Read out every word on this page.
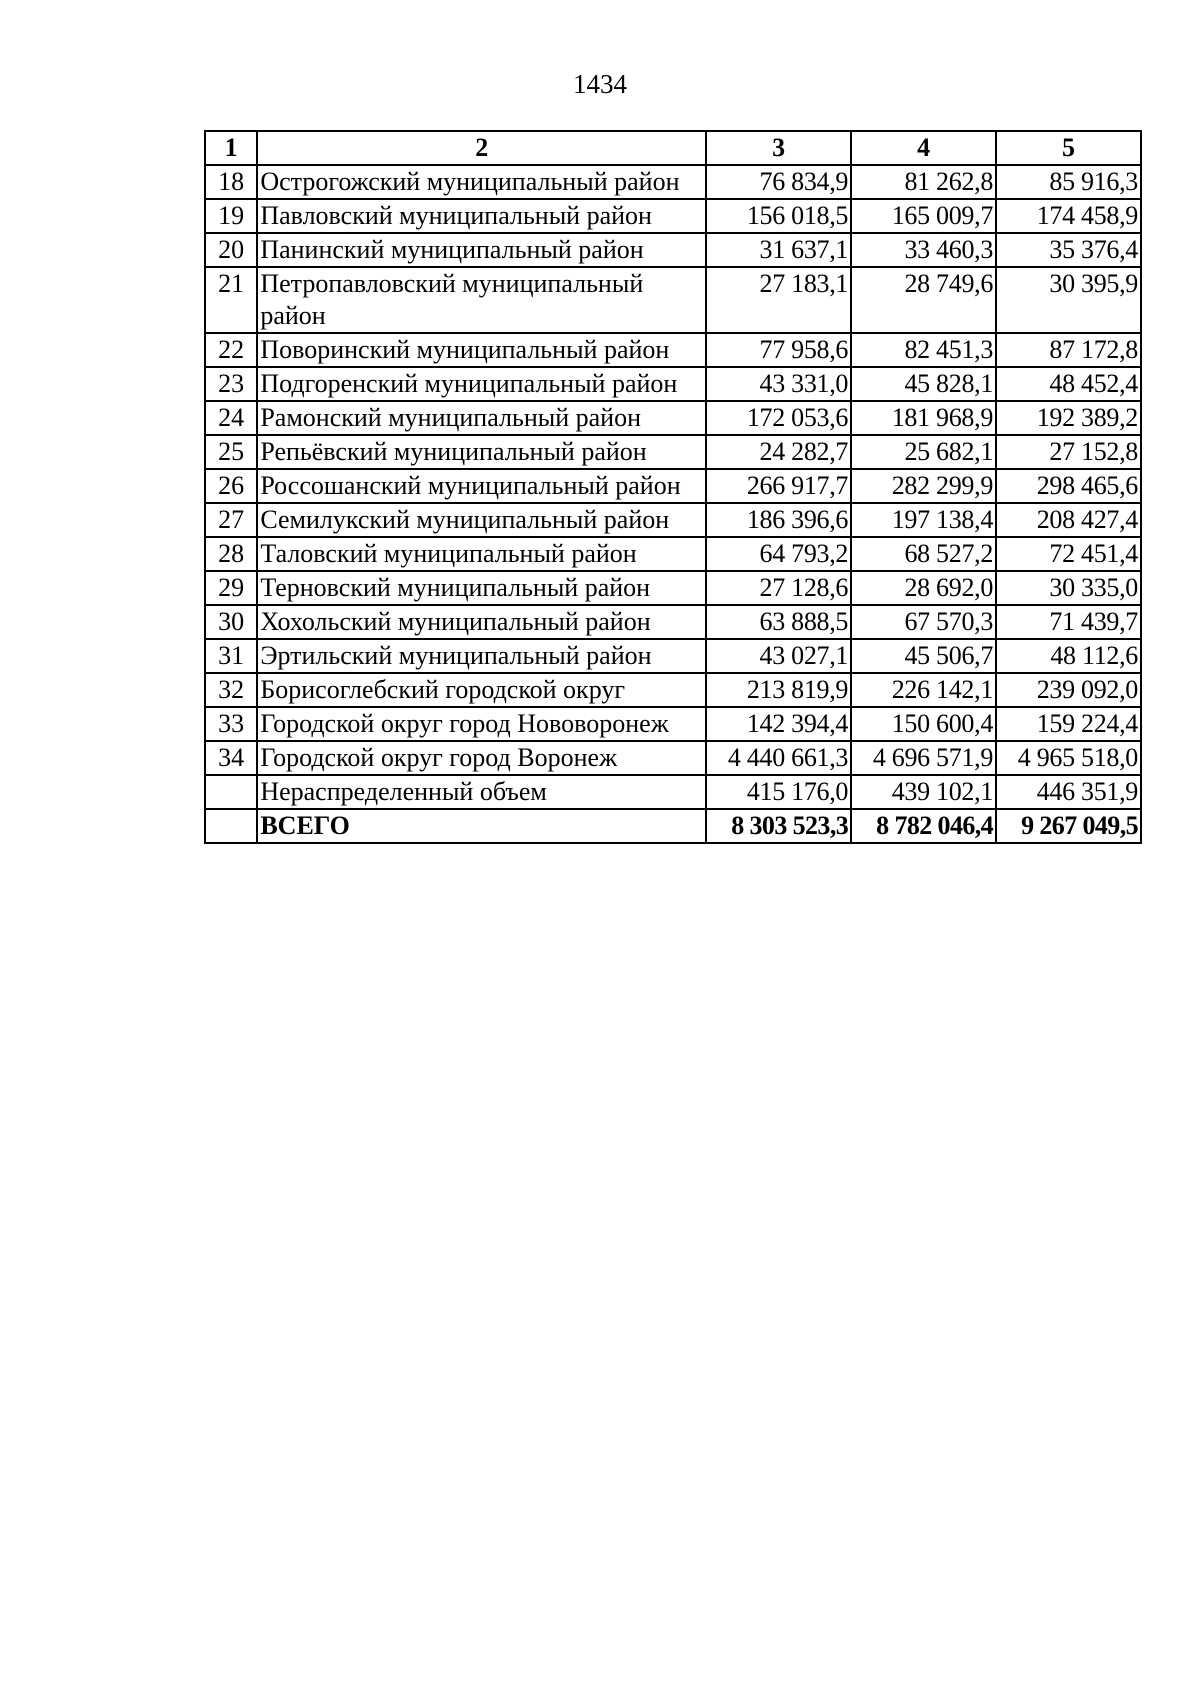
1434
1	2	3	4	5
18	Острогожский муниципальный район	76 834,9	81 262,8	85 916,3
19	Павловский муниципальный район	156 018,5	165 009,7	174 458,9
20	Панинский муниципальный район	31 637,1	33 460,3	35 376,4
21	Петропавловский муниципальный район	27 183,1	28 749,6	30 395,9
22	Поворинский муниципальный район	77 958,6	82 451,3	87 172,8
23	Подгоренский муниципальный район	43 331,0	45 828,1	48 452,4
24	Рамонский муниципальный район	172 053,6	181 968,9	192 389,2
25	Репьёвский муниципальный район	24 282,7	25 682,1	27 152,8
26	Россошанский муниципальный район	266 917,7	282 299,9	298 465,6
27	Семилукский муниципальный район	186 396,6	197 138,4	208 427,4
28	Таловский муниципальный район	64 793,2	68 527,2	72 451,4
29	Терновский муниципальный район	27 128,6	28 692,0	30 335,0
30	Хохольский муниципальный район	63 888,5	67 570,3	71 439,7
31	Эртильский муниципальный район	43 027,1	45 506,7	48 112,6
32	Борисоглебский городской округ	213 819,9	226 142,1	239 092,0
33	Городской округ город Нововоронеж	142 394,4	150 600,4	159 224,4
34	Городской округ город Воронеж	4 440 661,3	4 696 571,9	4 965 518,0
	Нераспределенный объем	415 176,0	439 102,1	446 351,9
	ВСЕГО	8 303 523,3	8 782 046,4	9 267 049,5
